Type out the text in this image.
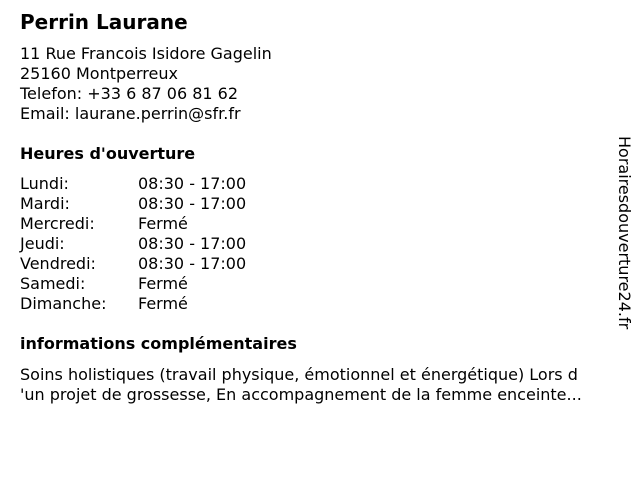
Perrin Laurane
11 Rue Francois Isidore Gagelin
25160 Montperreux
Telefon: +33 6 87 06 81 62
Email: laurane.perrin@sfr.fr
Heures d'ouverture
Lundi:	08:30 - 17:00
Mardi:	08:30 - 17:00
Mercredi:	Fermé
Jeudi:	08:30 - 17:00
Vendredi:	08:30 - 17:00
Samedi:	Fermé
Dimanche: Fermé
informations complémentaires
Soins holistiques (travail physique, émotionnel et énergétique) Lors d
'un projet de grossesse, En accompagnement de la femme enceinte...
Horairesdouverture24.fr
